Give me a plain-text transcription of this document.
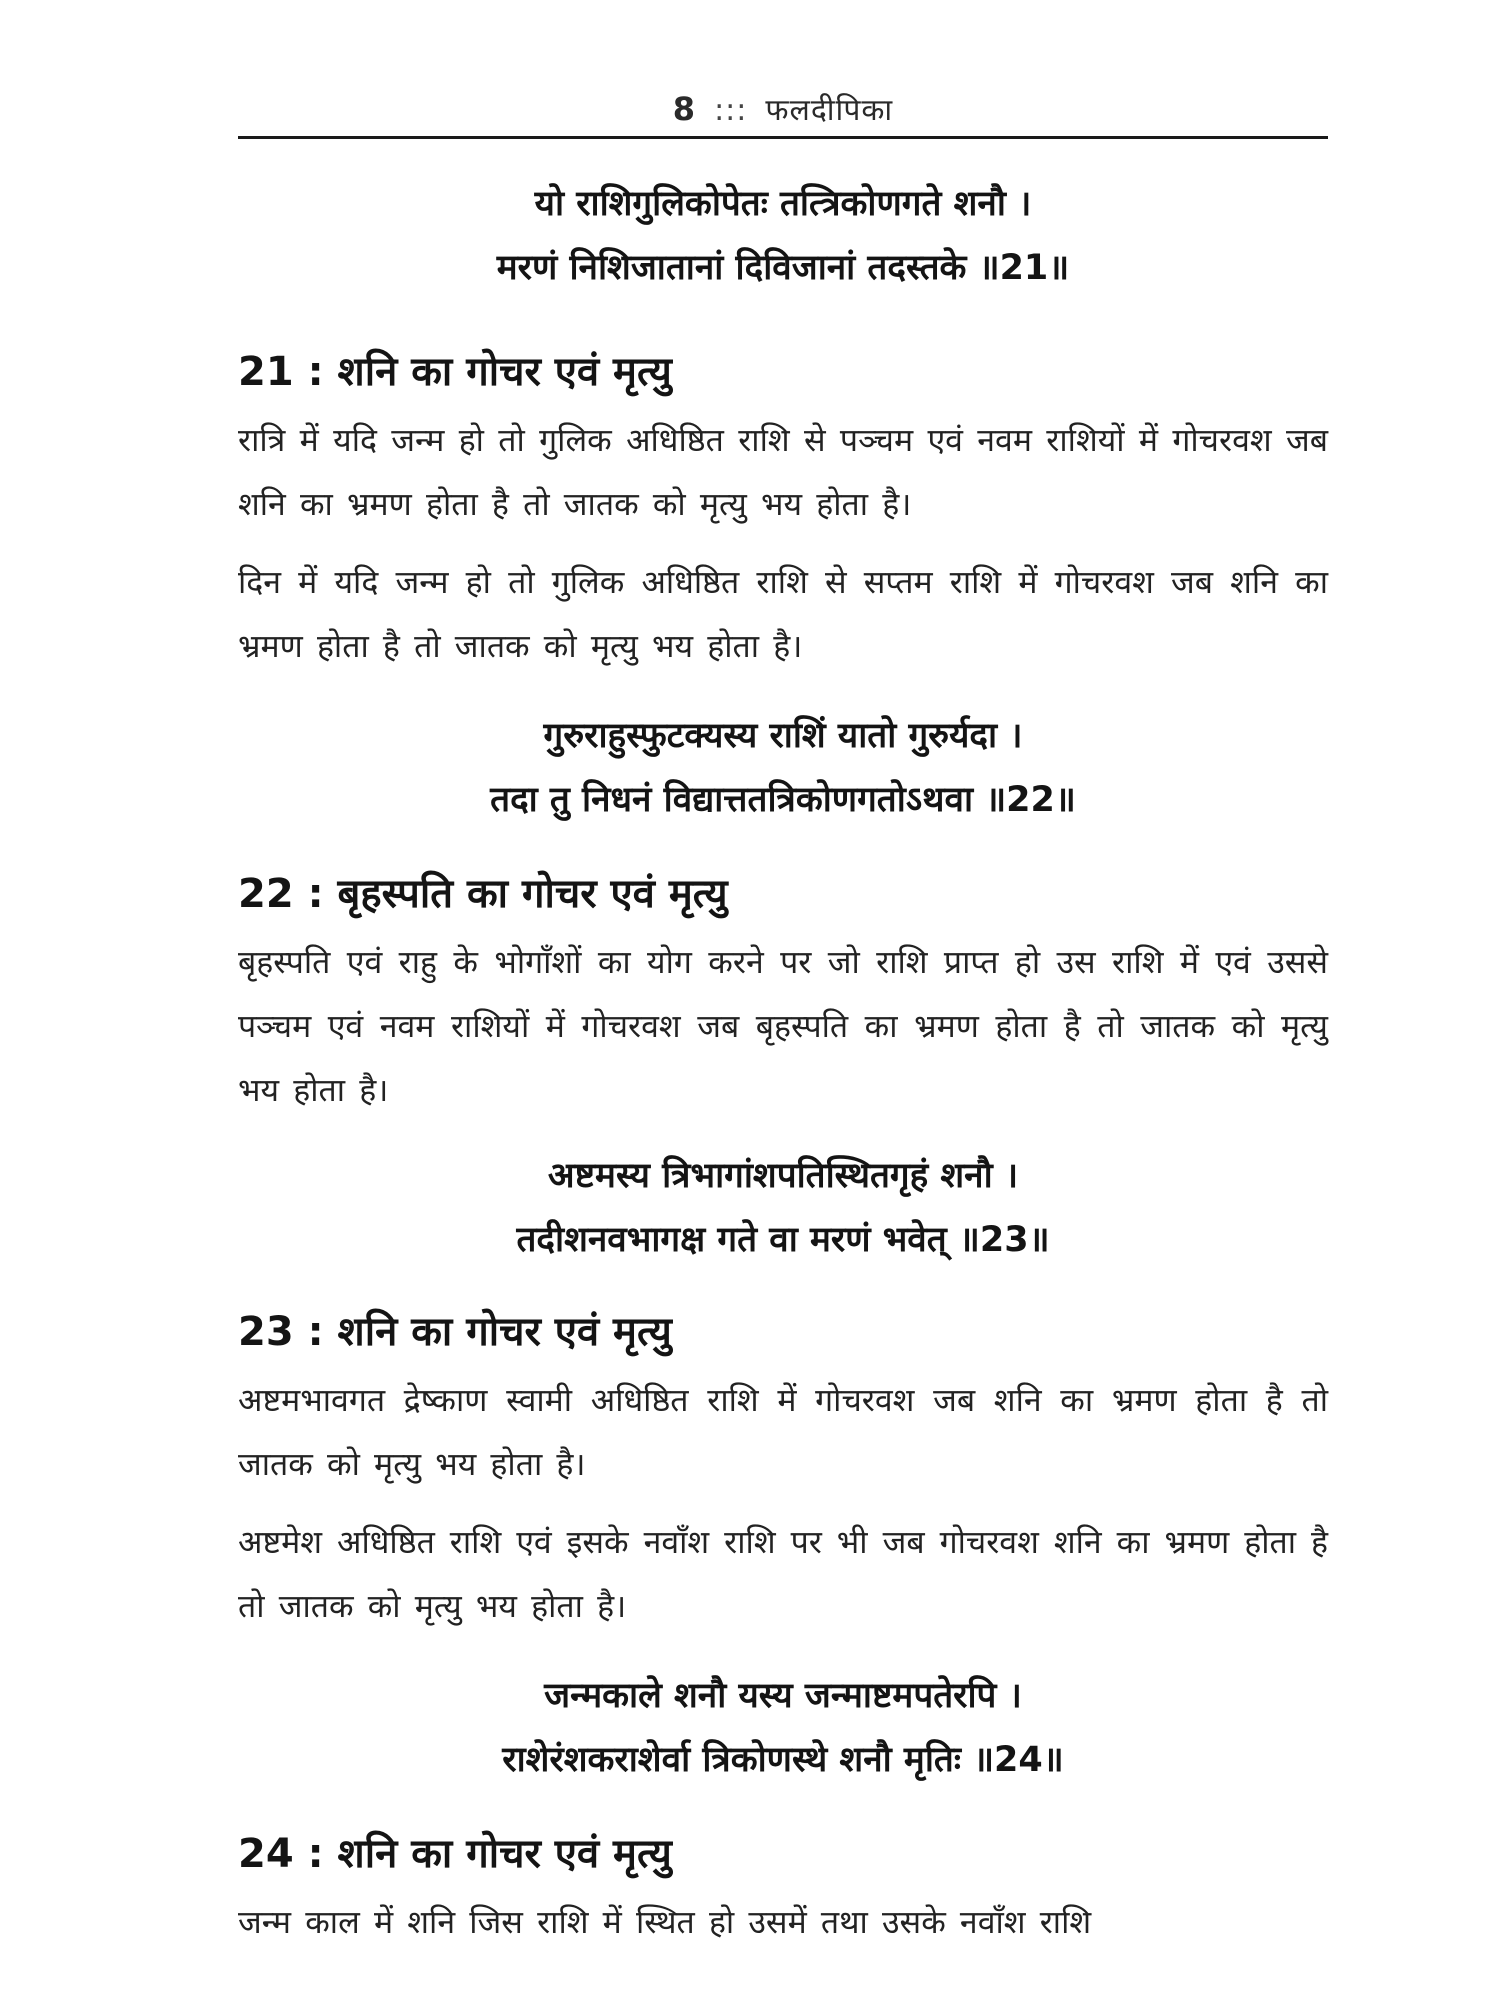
8 ::: फलदीपिका
यो राशिगुलिकोपेतः तत्त्रिकोणगते शनौ ।
मरणं निशिजातानां दिविजानां तदस्तके ॥21॥
21 : शनि का गोचर एवं मृत्यु
रात्रि में यदि जन्म हो तो गुलिक अधिष्ठित राशि से पञ्चम एवं नवम राशियों में गोचरवश जब शनि का भ्रमण होता है तो जातक को मृत्यु भय होता है।
दिन में यदि जन्म हो तो गुलिक अधिष्ठित राशि से सप्तम राशि में गोचरवश जब शनि का भ्रमण होता है तो जातक को मृत्यु भय होता है।
गुरुराहुस्फुटक्यस्य राशिं यातो गुरुर्यदा ।
तदा तु निधनं विद्यात्ततत्रिकोणगतोऽथवा ॥22॥
22 : बृहस्पति का गोचर एवं मृत्यु
बृहस्पति एवं राहु के भोगाँशों का योग करने पर जो राशि प्राप्त हो उस राशि में एवं उससे पञ्चम एवं नवम राशियों में गोचरवश जब बृहस्पति का भ्रमण होता है तो जातक को मृत्यु भय होता है।
अष्टमस्य त्रिभागांशपतिस्थितगृहं शनौ ।
तदीशनवभागक्ष गते वा मरणं भवेत् ॥23॥
23 : शनि का गोचर एवं मृत्यु
अष्टमभावगत द्रेष्काण स्वामी अधिष्ठित राशि में गोचरवश जब शनि का भ्रमण होता है तो जातक को मृत्यु भय होता है।
अष्टमेश अधिष्ठित राशि एवं इसके नवाँश राशि पर भी जब गोचरवश शनि का भ्रमण होता है तो जातक को मृत्यु भय होता है।
जन्मकाले शनौ यस्य जन्माष्टमपतेरपि ।
राशेरंशकराशेर्वा त्रिकोणस्थे शनौ मृतिः ॥24॥
24 : शनि का गोचर एवं मृत्यु
जन्म काल में शनि जिस राशि में स्थित हो उसमें तथा उसके नवाँश राशि
